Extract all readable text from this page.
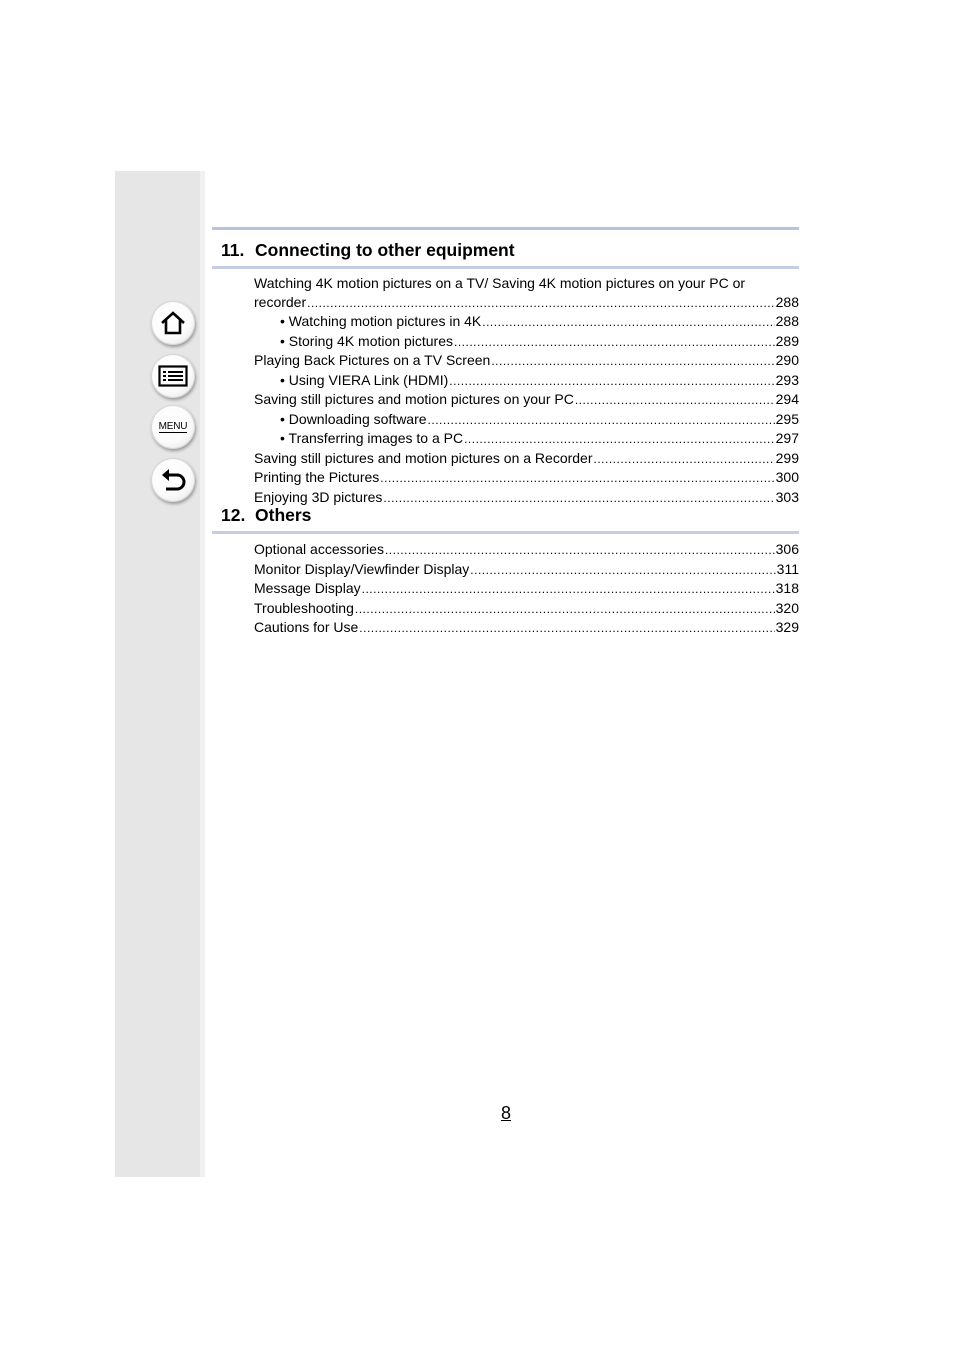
MENU
11. Connecting to other equipment
Watching 4K motion pictures on a TV/ Saving 4K motion pictures on your PC or
recorder .....	288
• Watching motion pictures in 4K .....	288
• Storing 4K motion pictures .....	289
Playing Back Pictures on a TV Screen .....	290
• Using VIERA Link (HDMI) .....	293
Saving still pictures and motion pictures on your PC .....	294
• Downloading software .....	295
• Transferring images to a PC .....	297
Saving still pictures and motion pictures on a Recorder .....	299
Printing the Pictures .....	300
Enjoying 3D pictures .....	303
12. Others
Optional accessories .....	306
Monitor Display/Viewfinder Display .....	311
Message Display .....	318
Troubleshooting .....	320
Cautions for Use .....	329
8
